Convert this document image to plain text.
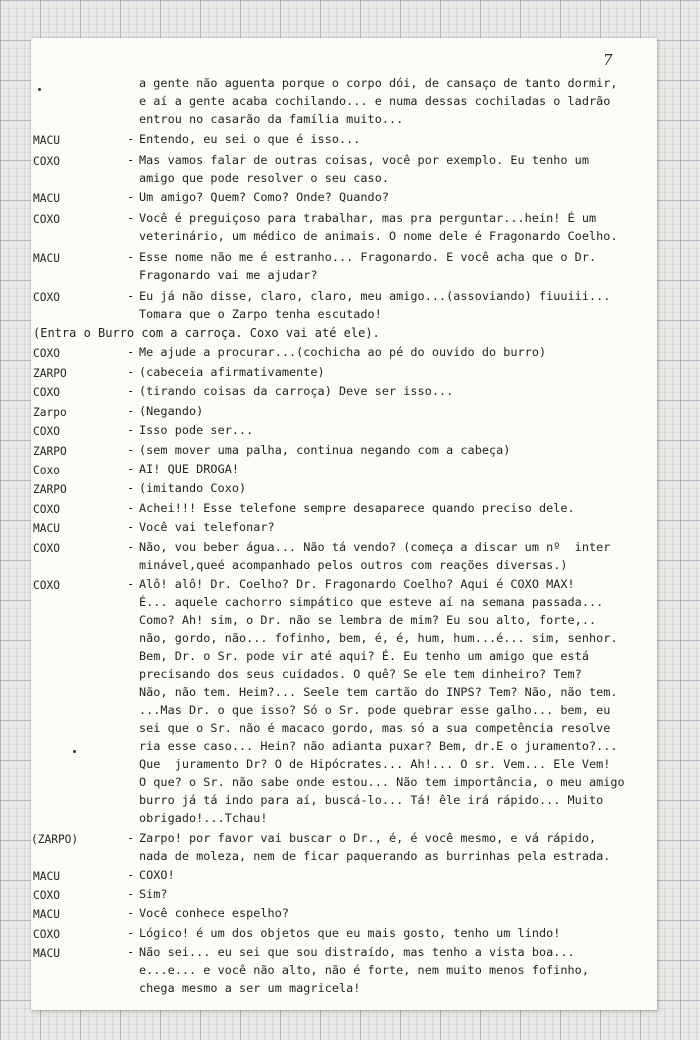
7
a gente não aguenta porque o corpo dói, de cansaço de tanto dormir,
e aí a gente acaba cochilando... e numa dessas cochiladas o ladrão
entrou no casarão da família muito...
MACU	- Entendo, eu sei o que é isso...
COXO	- Mas vamos falar de outras coisas, você por exemplo. Eu tenho um
amigo que pode resolver o seu caso.
MACU	- Um amigo? Quem? Como? Onde? Quando?
COXO	- Você é preguiçoso para trabalhar, mas pra perguntar...hein! É um
veterinário, um médico de animais. O nome dele é Fragonardo Coelho.
MACU	- Esse nome não me é estranho... Fragonardo. E você acha que o Dr.
Fragonardo vai me ajudar?
COXO	- Eu já não disse, claro, claro, meu amigo...(assoviando) fiuuiii...
Tomara que o Zarpo tenha escutado!
COXO	- Me ajude a procurar...(cochicha ao pé do ouvido do burro)
ZARPO	- (cabeceia afirmativamente)
COXO	- (tirando coisas da carroça) Deve ser isso...
Zarpo	- (Negando)
COXO	- Isso pode ser...
ZARPO	- (sem mover uma palha, continua negando com a cabeça)
Coxo	- AI! QUE DROGA!
ZARPO	- (imitando Coxo)
COXO	- Achei!!! Esse telefone sempre desaparece quando preciso dele.
MACU	- Você vai telefonar?
COXO	- Não, vou beber água... Não tá vendo? (começa a discar um nº  inter
minável,queé acompanhado pelos outros com reações diversas.)
COXO	- Alô! alô! Dr. Coelho? Dr. Fragonardo Coelho? Aqui é COXO MAX!
É... aquele cachorro simpático que esteve aí na semana passada...
Como? Ah! sim, o Dr. não se lembra de mim? Eu sou alto, forte,..
não, gordo, não... fofinho, bem, é, é, hum, hum...é... sim, senhor.
Bem, Dr. o Sr. pode vir até aqui? É. Eu tenho um amigo que está
precisando dos seus cuidados. O quê? Se ele tem dinheiro? Tem?
Não, não tem. Heim?... Seele tem cartão do INPS? Tem? Não, não tem.
...Mas Dr. o que isso? Só o Sr. pode quebrar esse galho... bem, eu
sei que o Sr. não é macaco gordo, mas só a sua competência resolve
ria esse caso... Hein? não adianta puxar? Bem, dr.E o juramento?...
Que  juramento Dr? O de Hipócrates... Ah!... O sr. Vem... Ele Vem!
O que? o Sr. não sabe onde estou... Não tem importância, o meu amigo
burro já tá indo para aí, buscá-lo... Tá! êle irá rápido... Muito
obrigado!...Tchau!
(ZARPO)	- Zarpo! por favor vai buscar o Dr., é, é você mesmo, e vá rápido,
nada de moleza, nem de ficar paquerando as burrinhas pela estrada.
MACU	- COXO!
COXO	- Sim?
MACU	- Você conhece espelho?
COXO	- Lógico! é um dos objetos que eu mais gosto, tenho um lindo!
MACU	- Não sei... eu sei que sou distraído, mas tenho a vista boa...
e...e... e você não alto, não é forte, nem muito menos fofinho,
chega mesmo a ser um magricela!
(Entra o Burro com a carroça. Coxo vai até ele).
